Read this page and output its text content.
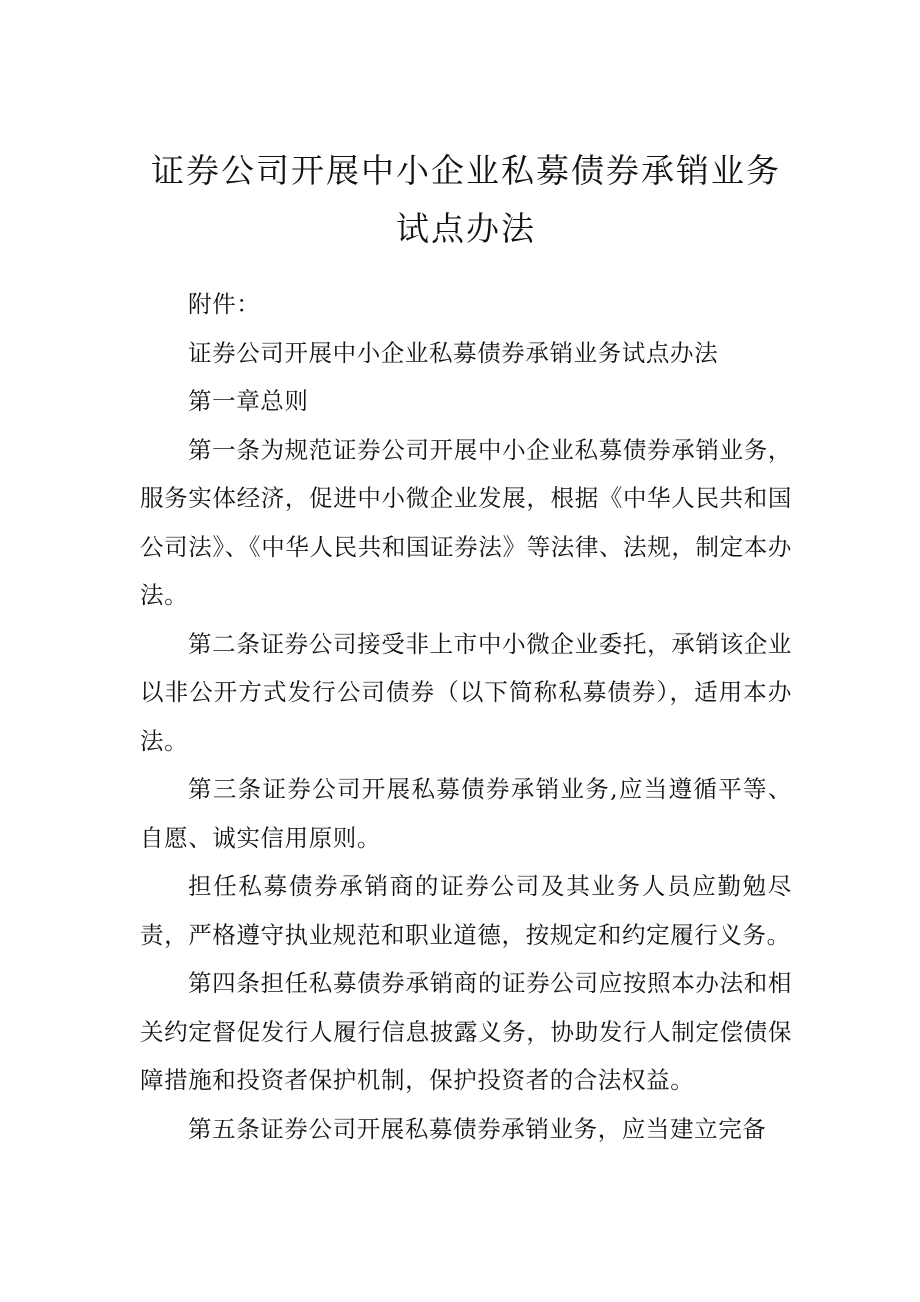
证券公司开展中小企业私募债券承销业务
试点办法

附件：

证券公司开展中小企业私募债券承销业务试点办法

第一章总则

第一条为规范证券公司开展中小企业私募债券承销业务，服务实体经济，促进中小微企业发展，根据《中华人民共和国公司法》、《中华人民共和国证券法》等法律、法规，制定本办法。

第二条证券公司接受非上市中小微企业委托，承销该企业以非公开方式发行公司债券（以下简称私募债券），适用本办法。

第三条证券公司开展私募债券承销业务,应当遵循平等、自愿、诚实信用原则。

担任私募债券承销商的证券公司及其业务人员应勤勉尽责，严格遵守执业规范和职业道德，按规定和约定履行义务。

第四条担任私募债券承销商的证券公司应按照本办法和相关约定督促发行人履行信息披露义务，协助发行人制定偿债保障措施和投资者保护机制，保护投资者的合法权益。

第五条证券公司开展私募债券承销业务，应当建立完备
